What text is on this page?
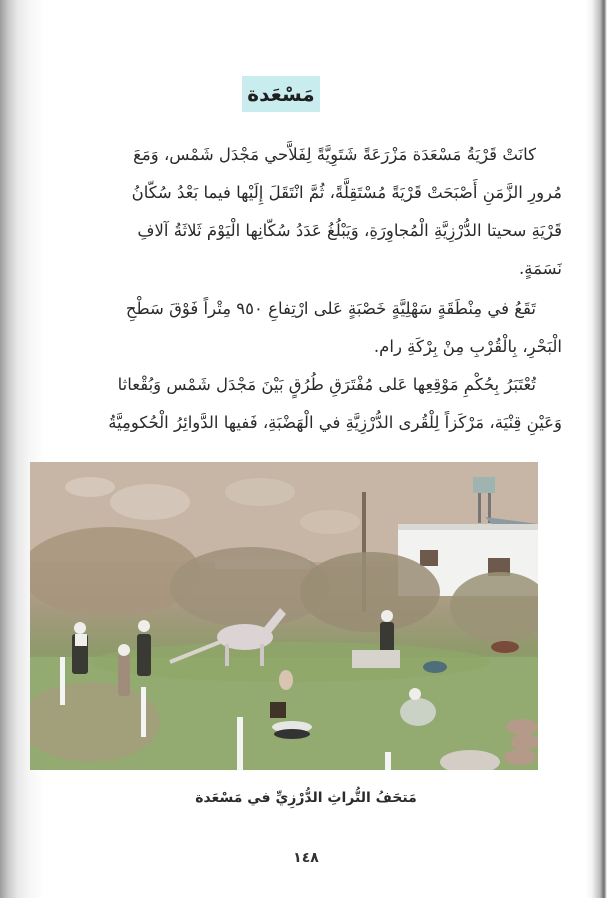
مَسْعَدة
كانَتْ قَرْيَةُ مَسْعَدَة مَزْرَعَةً شَتَوِيَّةً لِفَلاَّحي مَجْدَل شَمْس، وَمَعَ
مُرورِ الزَّمَنِ أَصْبَحَتْ قَرْيَةً مُسْتَقِلَّةً، ثُمَّ انْتَقَلَ إِلَيْها فيما بَعْدُ سُكّانُ
قَرْيَةِ سحيتا الدُّرْزِيَّةِ الْمُجاوِرَةِ، وَيَبْلُغُ عَدَدُ سُكّانِها الْيَوْمَ ثَلاثَةُ آلافِ
نَسَمَةٍ.
تَقَعُ في مِنْطَقَةٍ سَهْلِيَّةٍ خَصْبَةٍ عَلى ارْتِفاعِ ٩٥٠ مِتْراً فَوْقَ سَطْحِ
الْبَحْرِ، بِالْقُرْبِ مِنْ بِرْكَةِ رام.
تُعْتَبَرُ بِحُكْمِ مَوْقِعِها عَلى مُفْتَرَقِ طُرُقٍ بَيْنَ مَجْدَل شَمْس وَبُقْعاثا
وَعَيْنِ قِنْيَة، مَرْكَزاً لِلْقُرى الدُّرْزِيَّةِ في الْهَضْبَةِ، فَفيها الدَّوائِرُ الْحُكومِيَّةُ
مَتحَفُ التُّراثِ الدُّرْزِيِّ في مَسْعَدة
١٤٨
